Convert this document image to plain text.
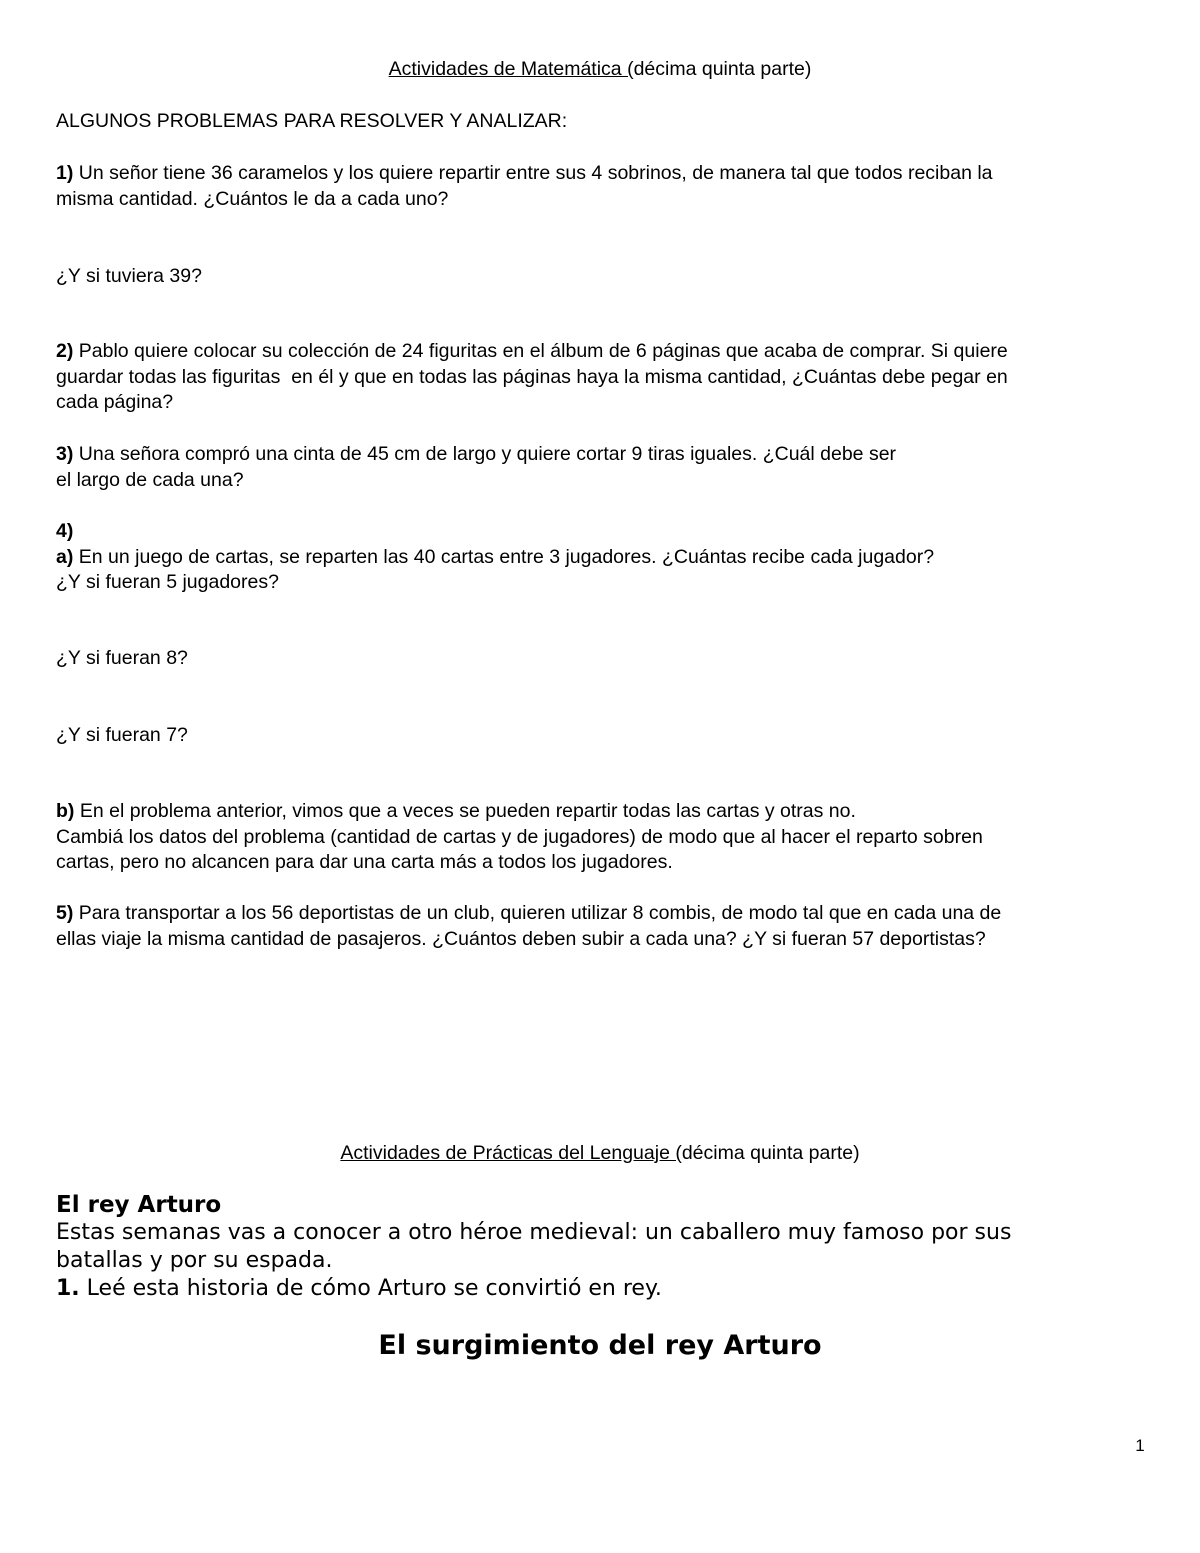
Actividades de Matemática (décima quinta parte)
ALGUNOS PROBLEMAS PARA RESOLVER Y ANALIZAR:

1) Un señor tiene 36 caramelos y los quiere repartir entre sus 4 sobrinos, de manera tal que todos reciban la

misma cantidad. ¿Cuántos le da a cada uno?

¿Y si tuviera 39?

2) Pablo quiere colocar su colección de 24 figuritas en el álbum de 6 páginas que acaba de comprar. Si quiere

guardar todas las figuritas  en él y que en todas las páginas haya la misma cantidad, ¿Cuántas debe pegar en

cada página?

3) Una señora compró una cinta de 45 cm de largo y quiere cortar 9 tiras iguales. ¿Cuál debe ser

el largo de cada una?

4)

a) En un juego de cartas, se reparten las 40 cartas entre 3 jugadores. ¿Cuántas recibe cada jugador?

¿Y si fueran 5 jugadores?

¿Y si fueran 8?
¿Y si fueran 7?

b) En el problema anterior, vimos que a veces se pueden repartir todas las cartas y otras no.

Cambiá los datos del problema (cantidad de cartas y de jugadores) de modo que al hacer el reparto sobren

cartas, pero no alcancen para dar una carta más a todos los jugadores.

5) Para transportar a los 56 deportistas de un club, quieren utilizar 8 combis, de modo tal que en cada una de

ellas viaje la misma cantidad de pasajeros. ¿Cuántos deben subir a cada una? ¿Y si fueran 57 deportistas?

Actividades de Prácticas del Lenguaje (décima quinta parte)

El rey Arturo

Estas semanas vas a conocer a otro héroe medieval: un caballero muy famoso por sus

batallas y por su espada.

1. Leé esta historia de cómo Arturo se convirtió en rey.

El surgimiento del rey Arturo
1
